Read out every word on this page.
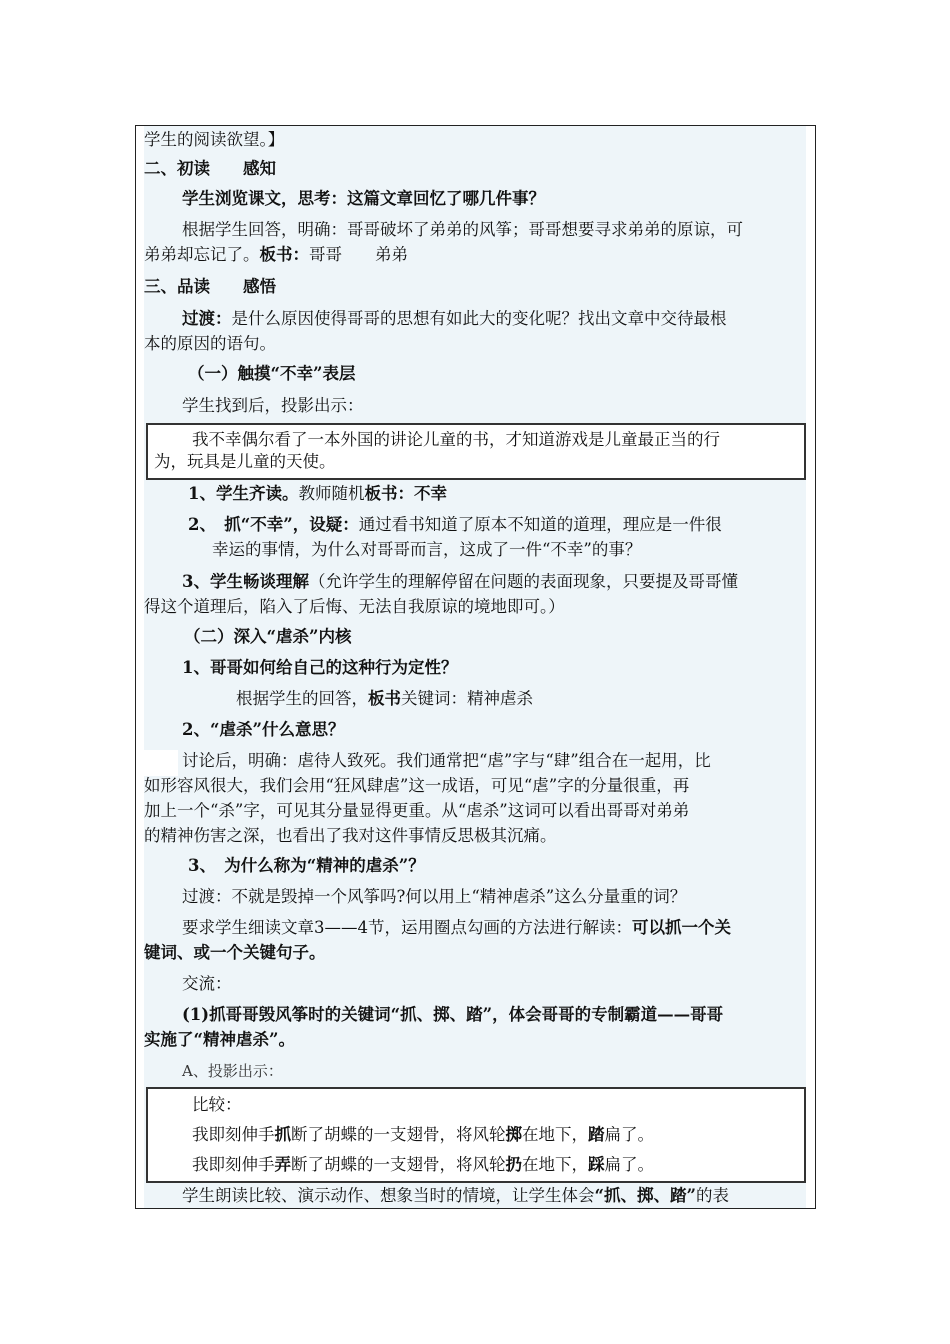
学生的阅读欲望。】
二、初读　　感知
学生浏览课文，思考：这篇文章回忆了哪几件事？
根据学生回答，明确：哥哥破坏了弟弟的风筝；哥哥想要寻求弟弟的原谅，可
弟弟却忘记了。板书：哥哥　　弟弟
三、品读　　感悟
过渡：是什么原因使得哥哥的思想有如此大的变化呢？找出文章中交待最根
本的原因的语句。
（一）触摸“不幸”表层
学生找到后，投影出示：
我不幸偶尔看了一本外国的讲论儿童的书，才知道游戏是儿童最正当的行
为，玩具是儿童的天使。
1、学生齐读。教师随机板书：不幸
2、　抓“不幸”，设疑：通过看书知道了原本不知道的道理，理应是一件很
幸运的事情，为什么对哥哥而言，这成了一件“不幸”的事？
3、学生畅谈理解（允许学生的理解停留在问题的表面现象，只要提及哥哥懂
得这个道理后，陷入了后悔、无法自我原谅的境地即可。）
（二）深入“虐杀”内核
1、哥哥如何给自己的这种行为定性？
根据学生的回答，板书关键词：精神虐杀
2、“虐杀”什么意思？
讨论后，明确：虐待人致死。我们通常把“虐”字与“肆”组合在一起用，比
如形容风很大，我们会用“狂风肆虐”这一成语，可见“虐”字的分量很重，再
加上一个“杀”字，可见其分量显得更重。从“虐杀”这词可以看出哥哥对弟弟
的精神伤害之深，也看出了我对这件事情反思极其沉痛。
3、　为什么称为“精神的虐杀”？
过渡：不就是毁掉一个风筝吗?何以用上“精神虐杀”这么分量重的词？
要求学生细读文章3——4节，运用圈点勾画的方法进行解读：可以抓一个关
键词、或一个关键句子。
交流：
(1)抓哥哥毁风筝时的关键词“抓、掷、踏”，体会哥哥的专制霸道——哥哥
实施了“精神虐杀”。
A、投影出示：
比较：
我即刻伸手抓断了胡蝶的一支翅骨，将风轮掷在地下，踏扁了。
我即刻伸手弄断了胡蝶的一支翅骨，将风轮扔在地下，踩扁了。
学生朗读比较、演示动作、想象当时的情境，让学生体会“抓、掷、踏”的表
